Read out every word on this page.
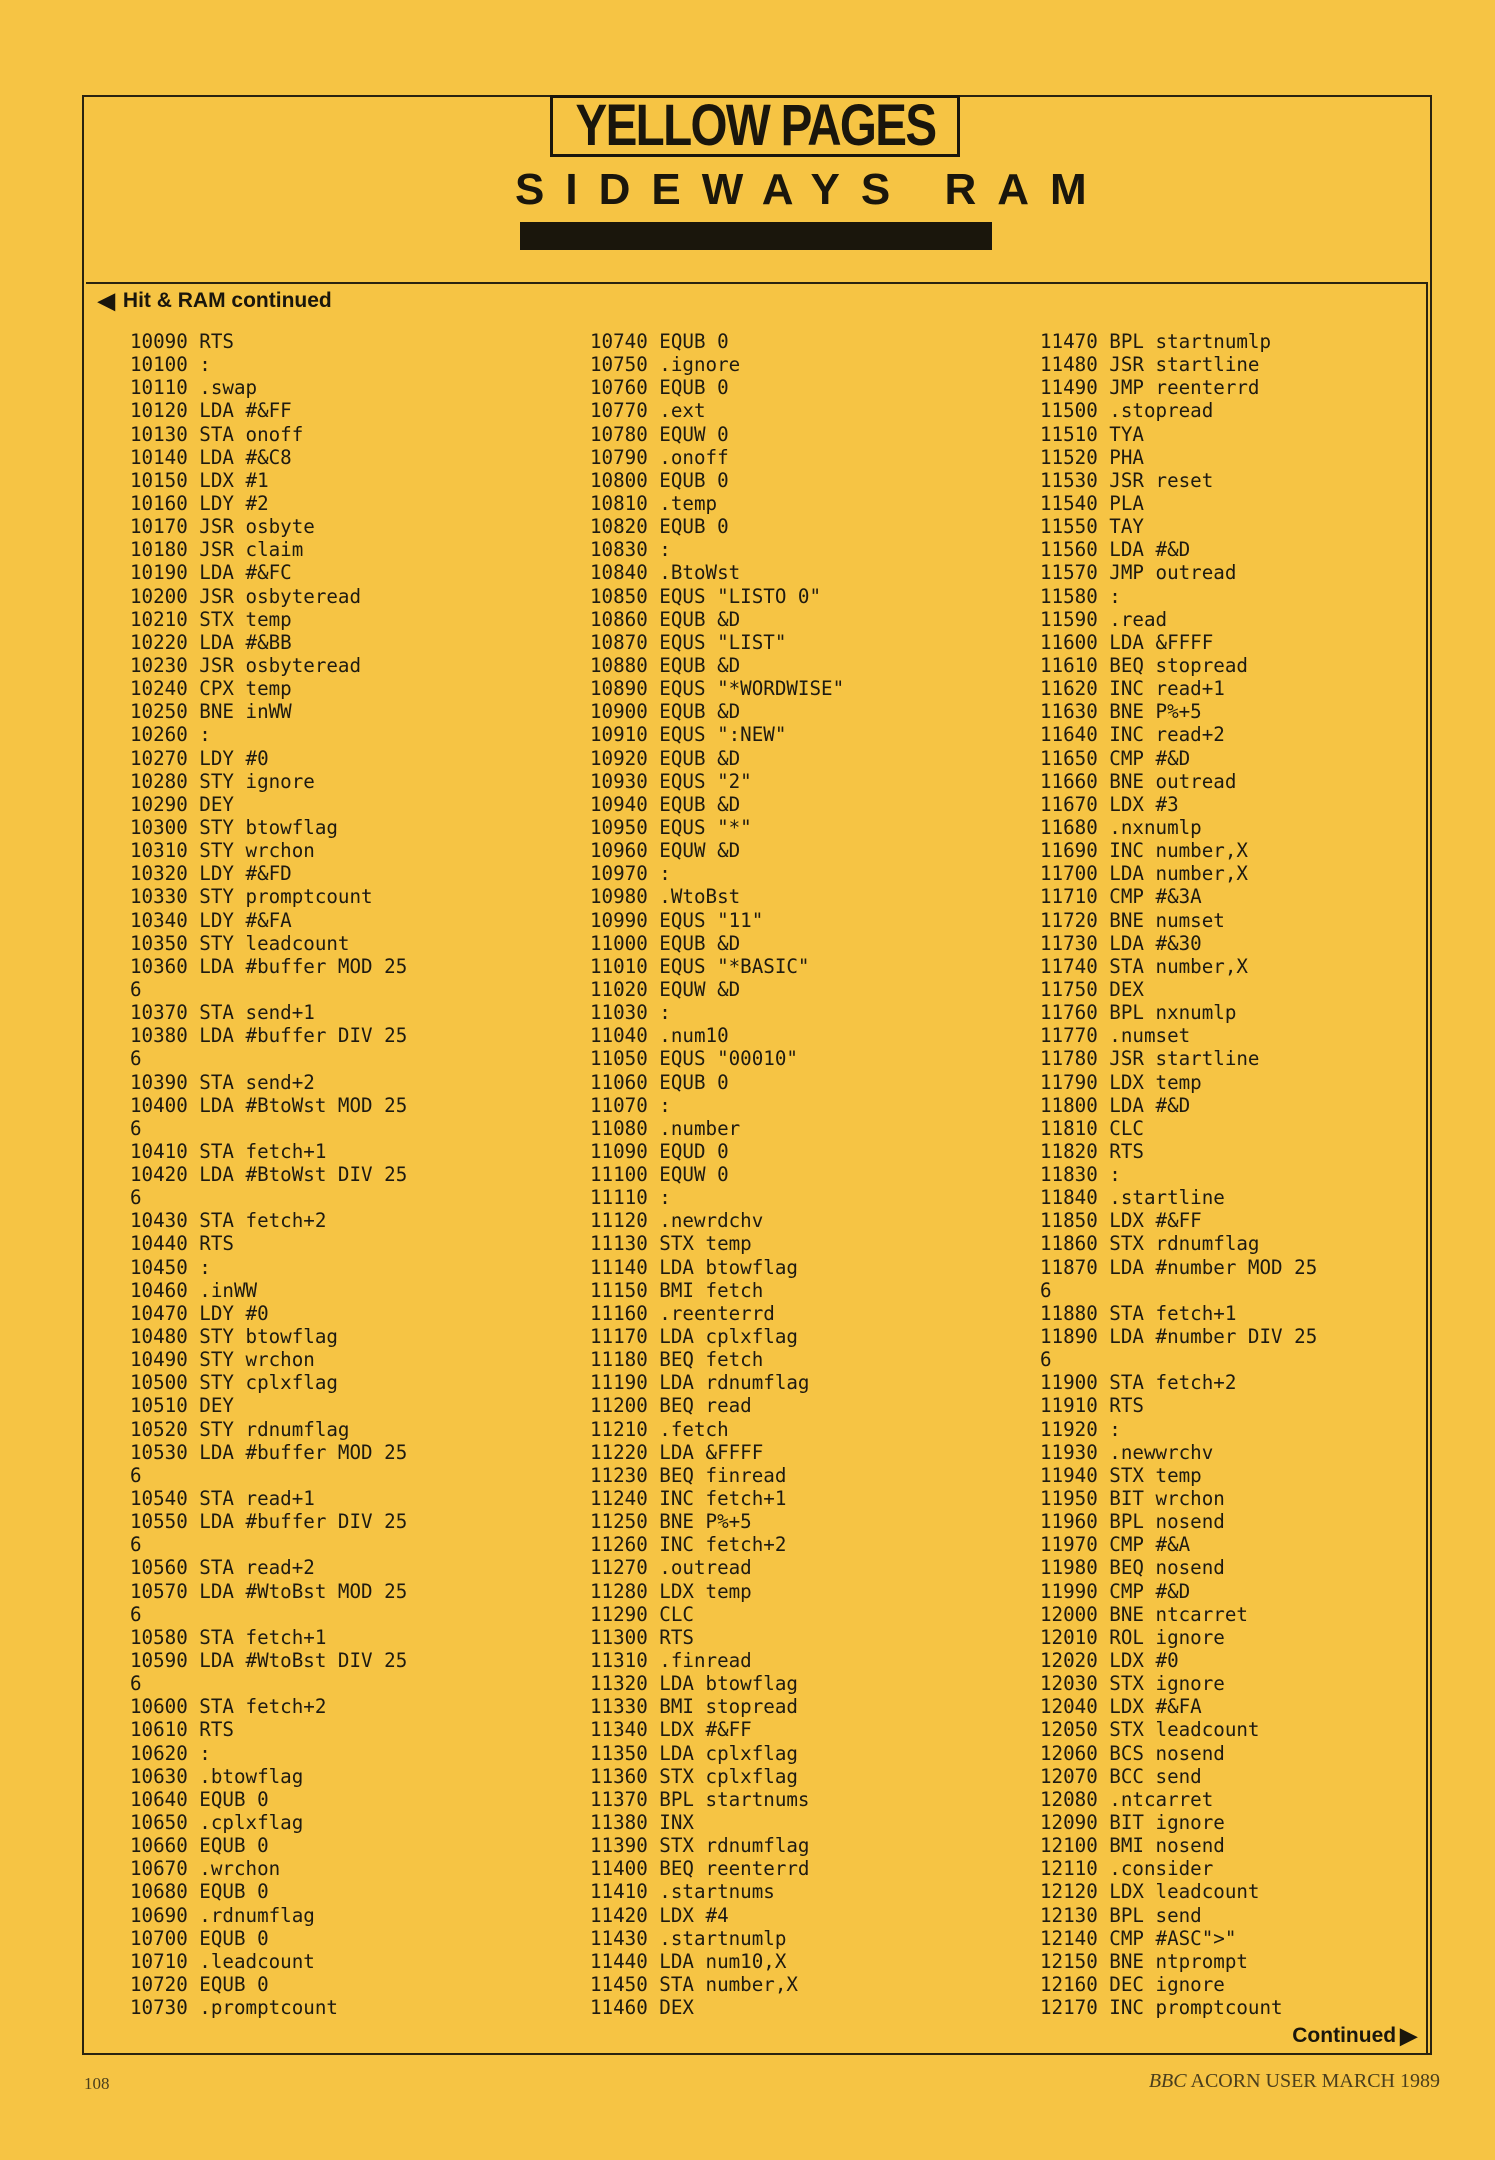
YELLOW PAGES
SIDEWAYS RAM
◀ Hit & RAM continued
10090 RTS
10100 :
10110 .swap
10120 LDA #&FF
10130 STA onoff
10140 LDA #&C8
10150 LDX #1
10160 LDY #2
10170 JSR osbyte
10180 JSR claim
10190 LDA #&FC
10200 JSR osbyteread
10210 STX temp
10220 LDA #&BB
10230 JSR osbyteread
10240 CPX temp
10250 BNE inWW
10260 :
10270 LDY #0
10280 STY ignore
10290 DEY
10300 STY btowflag
10310 STY wrchon
10320 LDY #&FD
10330 STY promptcount
10340 LDY #&FA
10350 STY leadcount
10360 LDA #buffer MOD 25
6
10370 STA send+1
10380 LDA #buffer DIV 25
6
10390 STA send+2
10400 LDA #BtoWst MOD 25
6
10410 STA fetch+1
10420 LDA #BtoWst DIV 25
6
10430 STA fetch+2
10440 RTS
10450 :
10460 .inWW
10470 LDY #0
10480 STY btowflag
10490 STY wrchon
10500 STY cplxflag
10510 DEY
10520 STY rdnumflag
10530 LDA #buffer MOD 25
6
10540 STA read+1
10550 LDA #buffer DIV 25
6
10560 STA read+2
10570 LDA #WtoBst MOD 25
6
10580 STA fetch+1
10590 LDA #WtoBst DIV 25
6
10600 STA fetch+2
10610 RTS
10620 :
10630 .btowflag
10640 EQUB 0
10650 .cplxflag
10660 EQUB 0
10670 .wrchon
10680 EQUB 0
10690 .rdnumflag
10700 EQUB 0
10710 .leadcount
10720 EQUB 0
10730 .promptcount
10740 EQUB 0
10750 .ignore
10760 EQUB 0
10770 .ext
10780 EQUW 0
10790 .onoff
10800 EQUB 0
10810 .temp
10820 EQUB 0
10830 :
10840 .BtoWst
10850 EQUS "LISTO 0"
10860 EQUB &D
10870 EQUS "LIST"
10880 EQUB &D
10890 EQUS "*WORDWISE"
10900 EQUB &D
10910 EQUS ":NEW"
10920 EQUB &D
10930 EQUS "2"
10940 EQUB &D
10950 EQUS "*"
10960 EQUW &D
10970 :
10980 .WtoBst
10990 EQUS "11"
11000 EQUB &D
11010 EQUS "*BASIC"
11020 EQUW &D
11030 :
11040 .num10
11050 EQUS "00010"
11060 EQUB 0
11070 :
11080 .number
11090 EQUD 0
11100 EQUW 0
11110 :
11120 .newrdchv
11130 STX temp
11140 LDA btowflag
11150 BMI fetch
11160 .reenterrd
11170 LDA cplxflag
11180 BEQ fetch
11190 LDA rdnumflag
11200 BEQ read
11210 .fetch
11220 LDA &FFFF
11230 BEQ finread
11240 INC fetch+1
11250 BNE P%+5
11260 INC fetch+2
11270 .outread
11280 LDX temp
11290 CLC
11300 RTS
11310 .finread
11320 LDA btowflag
11330 BMI stopread
11340 LDX #&FF
11350 LDA cplxflag
11360 STX cplxflag
11370 BPL startnums
11380 INX
11390 STX rdnumflag
11400 BEQ reenterrd
11410 .startnums
11420 LDX #4
11430 .startnumlp
11440 LDA num10,X
11450 STA number,X
11460 DEX
11470 BPL startnumlp
11480 JSR startline
11490 JMP reenterrd
11500 .stopread
11510 TYA
11520 PHA
11530 JSR reset
11540 PLA
11550 TAY
11560 LDA #&D
11570 JMP outread
11580 :
11590 .read
11600 LDA &FFFF
11610 BEQ stopread
11620 INC read+1
11630 BNE P%+5
11640 INC read+2
11650 CMP #&D
11660 BNE outread
11670 LDX #3
11680 .nxnumlp
11690 INC number,X
11700 LDA number,X
11710 CMP #&3A
11720 BNE numset
11730 LDA #&30
11740 STA number,X
11750 DEX
11760 BPL nxnumlp
11770 .numset
11780 JSR startline
11790 LDX temp
11800 LDA #&D
11810 CLC
11820 RTS
11830 :
11840 .startline
11850 LDX #&FF
11860 STX rdnumflag
11870 LDA #number MOD 25
6
11880 STA fetch+1
11890 LDA #number DIV 25
6
11900 STA fetch+2
11910 RTS
11920 :
11930 .newwrchv
11940 STX temp
11950 BIT wrchon
11960 BPL nosend
11970 CMP #&A
11980 BEQ nosend
11990 CMP #&D
12000 BNE ntcarret
12010 ROL ignore
12020 LDX #0
12030 STX ignore
12040 LDX #&FA
12050 STX leadcount
12060 BCS nosend
12070 BCC send
12080 .ntcarret
12090 BIT ignore
12100 BMI nosend
12110 .consider
12120 LDX leadcount
12130 BPL send
12140 CMP #ASC">"
12150 BNE ntprompt
12160 DEC ignore
12170 INC promptcount
Continued ▶
108	BBC ACORN USER MARCH 1989
